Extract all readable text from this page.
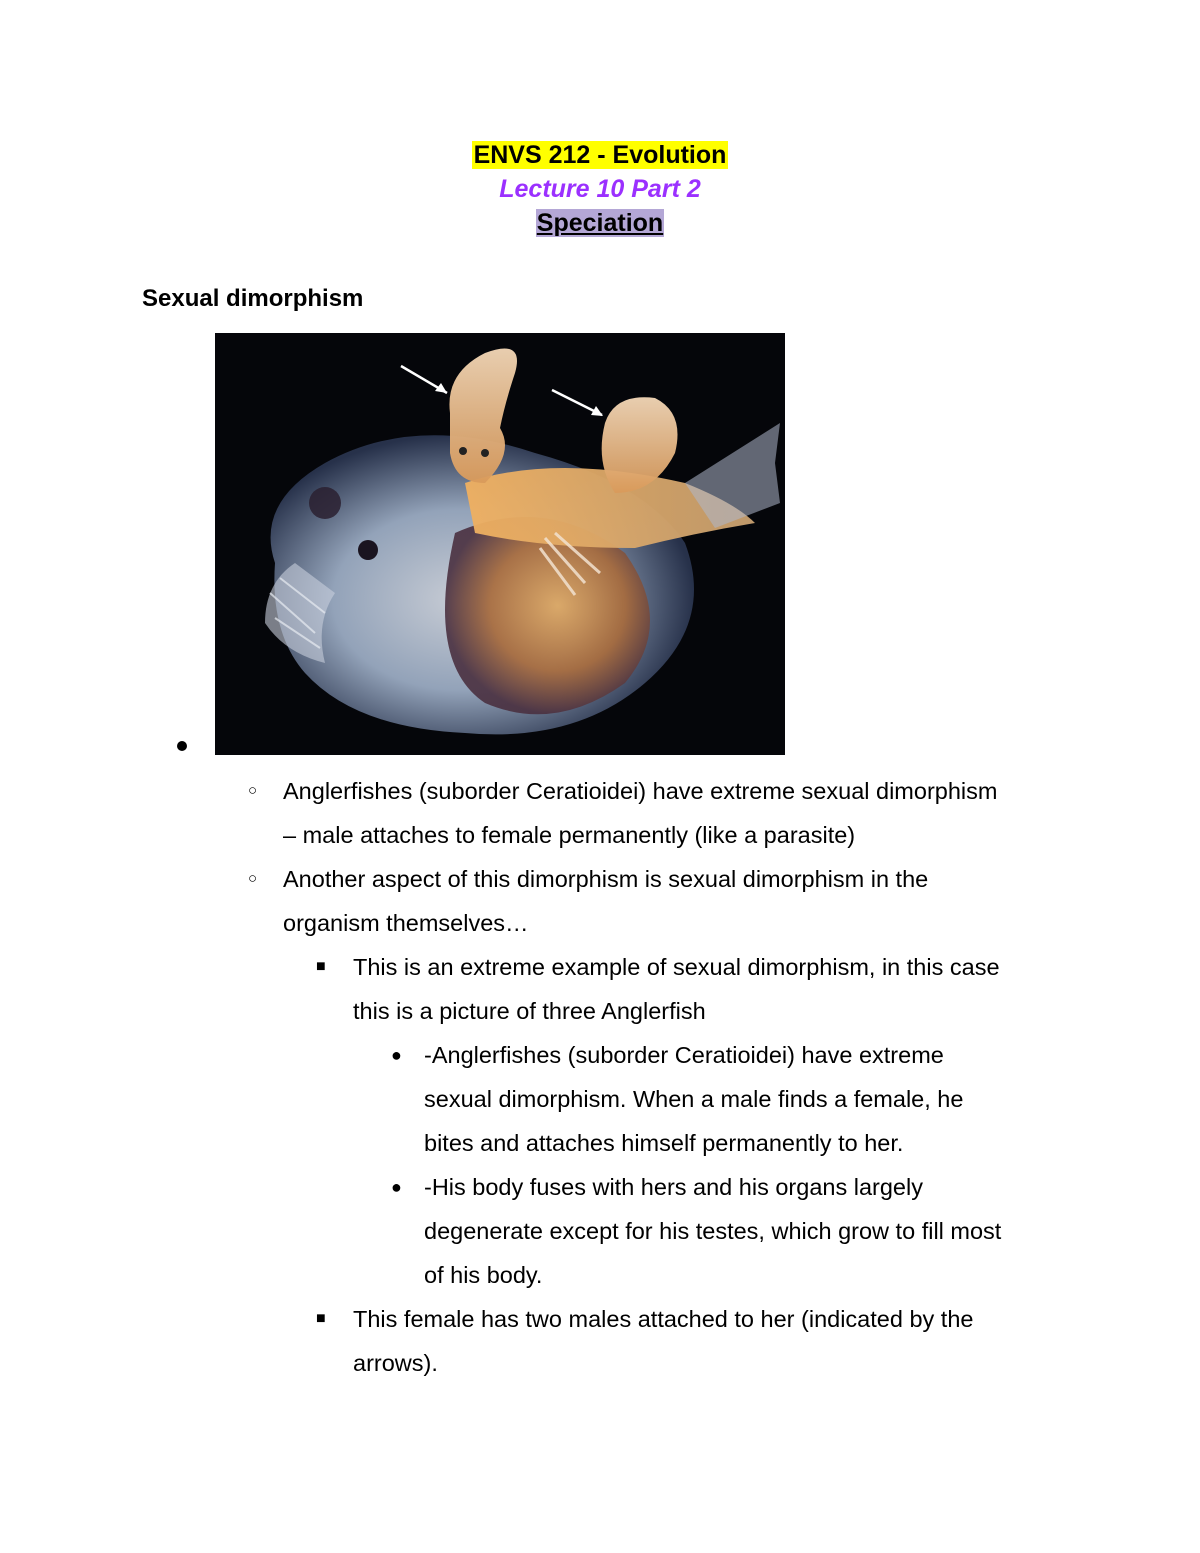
ENVS 212 - Evolution
Lecture 10 Part 2
Speciation
Sexual dimorphism
○ Anglerfishes (suborder Ceratioidei) have extreme sexual dimorphism
– male attaches to female permanently (like a parasite)
○ Another aspect of this dimorphism is sexual dimorphism in the
organism themselves…
■ This is an extreme example of sexual dimorphism, in this case
this is a picture of three Anglerfish
● -Anglerfishes (suborder Ceratioidei) have extreme
sexual dimorphism. When a male finds a female, he
bites and attaches himself permanently to her.
● -His body fuses with hers and his organs largely
degenerate except for his testes, which grow to fill most
of his body.
■ This female has two males attached to her (indicated by the
arrows).
